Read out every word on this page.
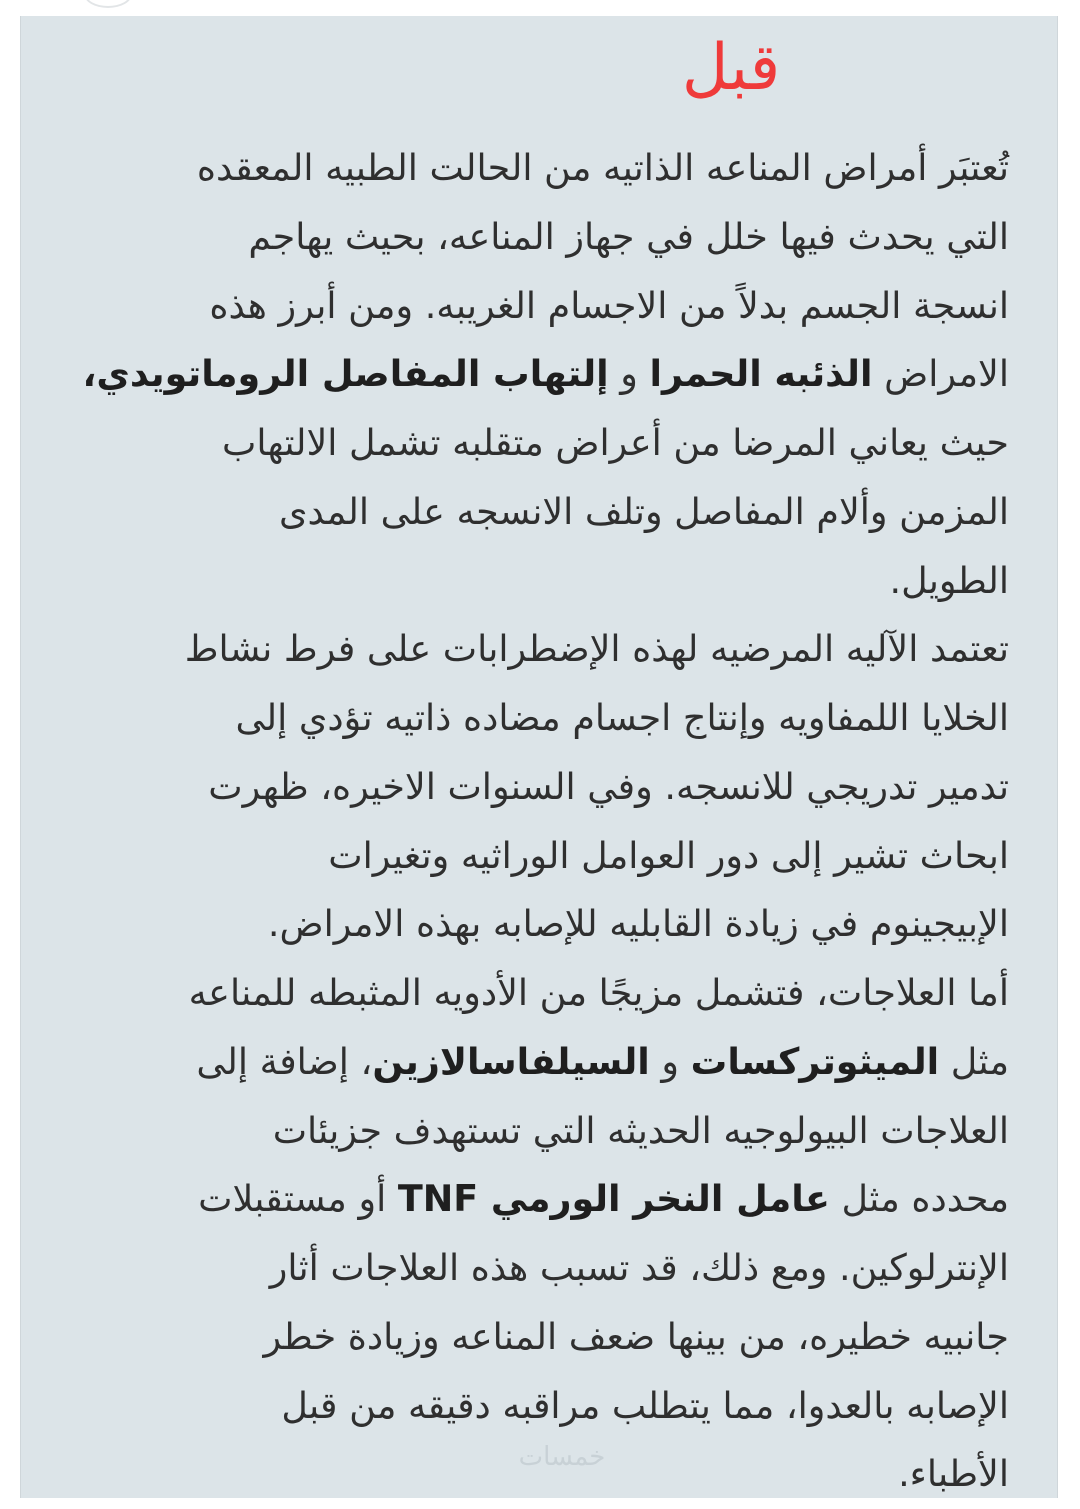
قبل
تُعتبَر أمراض المناعه الذاتيه من الحالت الطبيه المعقده
التي يحدث فيها خلل في جهاز المناعه، بحيث يهاجم
انسجة الجسم بدلاً من الاجسام الغريبه. ومن أبرز هذه
الامراض الذئبه الحمرا و إلتهاب المفاصل الروماتويدي،
حيث يعاني المرضا من أعراض متقلبه تشمل الالتهاب
المزمن وألام المفاصل وتلف الانسجه على المدى
الطويل.
تعتمد الآليه المرضيه لهذه الإضطرابات على فرط نشاط
الخلايا اللمفاويه وإنتاج اجسام مضاده ذاتيه تؤدي إلى
تدمير تدريجي للانسجه. وفي السنوات الاخيره، ظهرت
ابحاث تشير إلى دور العوامل الوراثيه وتغيرات
الإبيجينوم في زيادة القابليه للإصابه بهذه الامراض.
أما العلاجات، فتشمل مزيجًا من الأدويه المثبطه للمناعه
مثل الميثوتركسات و السيلفاسالازين، إضافة إلى
العلاجات البيولوجيه الحديثه التي تستهدف جزيئات
محدده مثل عامل النخر الورمي TNF أو مستقبلات
الإنترلوكين. ومع ذلك، قد تسبب هذه العلاجات أثار
جانبيه خطيره، من بينها ضعف المناعه وزيادة خطر
الإصابه بالعدوا، مما يتطلب مراقبه دقيقه من قبل
الأطباء.
خمسات
